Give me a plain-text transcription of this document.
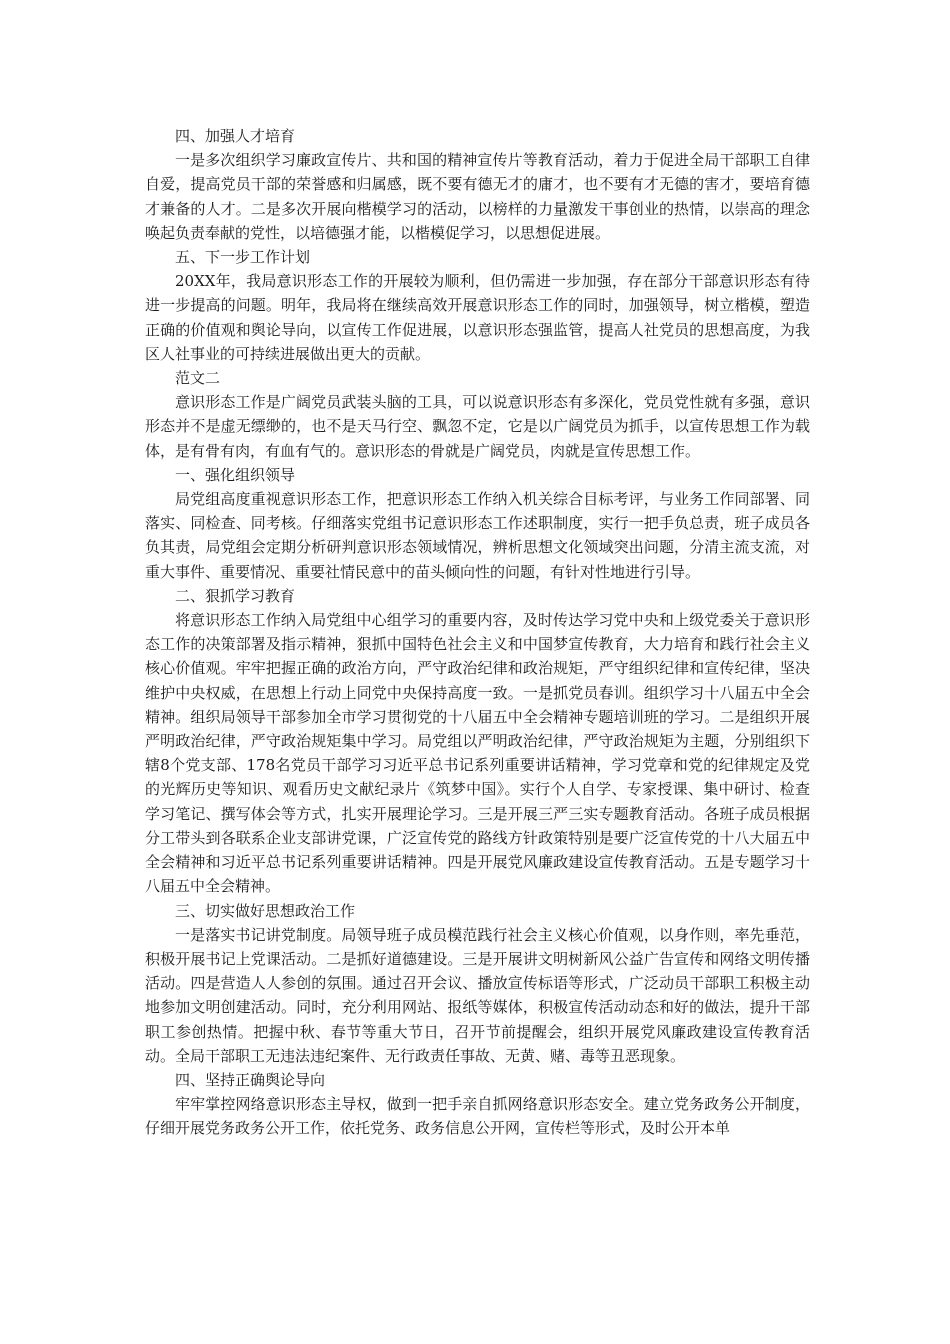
四、加强人才培育

一是多次组织学习廉政宣传片、共和国的精神宣传片等教育活动，着力于促进全局干部职工自律自爱，提高党员干部的荣誉感和归属感，既不要有德无才的庸才，也不要有才无德的害才，要培育德才兼备的人才。二是多次开展向楷模学习的活动，以榜样的力量激发干事创业的热情，以崇高的理念唤起负责奉献的党性，以培德强才能，以楷模促学习，以思想促进展。

五、下一步工作计划

20XX年，我局意识形态工作的开展较为顺利，但仍需进一步加强，存在部分干部意识形态有待进一步提高的问题。明年，我局将在继续高效开展意识形态工作的同时，加强领导，树立楷模，塑造正确的价值观和舆论导向，以宣传工作促进展，以意识形态强监管，提高人社党员的思想高度，为我区人社事业的可持续进展做出更大的贡献。

范文二

意识形态工作是广阔党员武装头脑的工具，可以说意识形态有多深化，党员党性就有多强，意识形态并不是虚无缥缈的，也不是天马行空、飘忽不定，它是以广阔党员为抓手，以宣传思想工作为载体，是有骨有肉，有血有气的。意识形态的骨就是广阔党员，肉就是宣传思想工作。

一、强化组织领导

局党组高度重视意识形态工作，把意识形态工作纳入机关综合目标考评，与业务工作同部署、同落实、同检查、同考核。仔细落实党组书记意识形态工作述职制度，实行一把手负总责，班子成员各负其责，局党组会定期分析研判意识形态领域情况，辨析思想文化领域突出问题，分清主流支流，对重大事件、重要情况、重要社情民意中的苗头倾向性的问题，有针对性地进行引导。

二、狠抓学习教育

将意识形态工作纳入局党组中心组学习的重要内容，及时传达学习党中央和上级党委关于意识形态工作的决策部署及指示精神，狠抓中国特色社会主义和中国梦宣传教育，大力培育和践行社会主义核心价值观。牢牢把握正确的政治方向，严守政治纪律和政治规矩，严守组织纪律和宣传纪律，坚决维护中央权威，在思想上行动上同党中央保持高度一致。一是抓党员春训。组织学习十八届五中全会精神。组织局领导干部参加全市学习贯彻党的十八届五中全会精神专题培训班的学习。二是组织开展严明政治纪律，严守政治规矩集中学习。局党组以严明政治纪律，严守政治规矩为主题，分别组织下辖8个党支部、178名党员干部学习习近平总书记系列重要讲话精神，学习党章和党的纪律规定及党的光辉历史等知识、观看历史文献纪录片《筑梦中国》。实行个人自学、专家授课、集中研讨、检查学习笔记、撰写体会等方式，扎实开展理论学习。三是开展三严三实专题教育活动。各班子成员根据分工带头到各联系企业支部讲党课，广泛宣传党的路线方针政策特别是要广泛宣传党的十八大届五中全会精神和习近平总书记系列重要讲话精神。四是开展党风廉政建设宣传教育活动。五是专题学习十八届五中全会精神。

三、切实做好思想政治工作

一是落实书记讲党制度。局领导班子成员模范践行社会主义核心价值观，以身作则，率先垂范，积极开展书记上党课活动。二是抓好道德建设。三是开展讲文明树新风公益广告宣传和网络文明传播活动。四是营造人人参创的氛围。通过召开会议、播放宣传标语等形式，广泛动员干部职工积极主动地参加文明创建活动。同时，充分利用网站、报纸等媒体，积极宣传活动动态和好的做法，提升干部职工参创热情。把握中秋、春节等重大节日，召开节前提醒会，组织开展党风廉政建设宣传教育活动。全局干部职工无违法违纪案件、无行政责任事故、无黄、赌、毒等丑恶现象。

四、坚持正确舆论导向

牢牢掌控网络意识形态主导权，做到一把手亲自抓网络意识形态安全。建立党务政务公开制度，仔细开展党务政务公开工作，依托党务、政务信息公开网，宣传栏等形式，及时公开本单
